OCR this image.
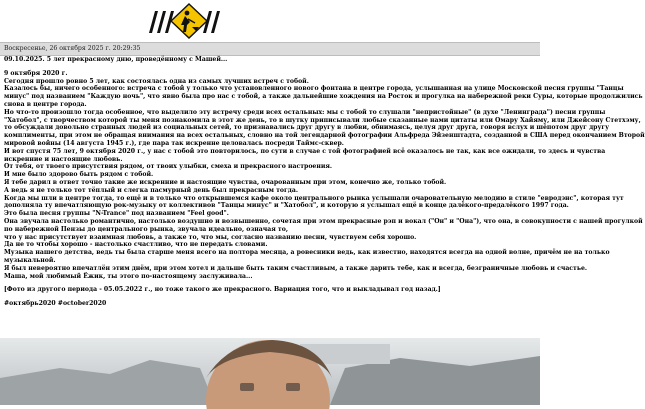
Воскресенье, 26 октября 2025 г. 20:29:35
09.10.2025. 5 лет прекрасному дню, проведённому с Машей...
9 октября 2020 г.
Сегодня прошло ровно 5 лет, как состоялась одна из самых лучших встреч с тобой.
Казалось бы, ничего особенного: встреча с тобой у только что установленного нового фонтана в центре города, услышанная на улице Московской песня группы "Танцы
минус" под названием "Каждую ночь", что явно была про нас с тобой, а также дальнейшие хождения на Росток и прогулка на набережной реки Суры, которые продолжились
снова в центре города.
Но что-то произошло тогда особенное, что выделило эту встречу среди всех остальных: мы с тобой то слушали "непристойные" (в духе "Ленинграда") песни группы
"Хатобол", с творчеством которой ты меня познакомила в этот же день, то в шутку приписывали любые сказанные нами цитаты или Омару Хайяму, или Джейсону Стетхэму,
то обсуждали довольно странных людей из социальных сетей, то признавались друг другу в любви, обнимаясь, целуя друг друга, говоря вслух и шёпотом друг другу
комплименты, при этом не обращая внимания на всех остальных, словно на той легендарной фотографии Альфреда Эйзенштадта, созданной в США перед окончанием Второй
мировой войны (14 августа 1945 г.), где пара так искренне целовалась посреди Таймс-сквер.
И вот спустя 75 лет, 9 октября 2020 г., у нас с тобой это повторилось, по сути в случае с той фотографией всё оказалось не так, как все ожидали, то здесь и чувства
искренние и настоящие любовь.
От тебя, от твоего присутствия рядом, от твоих улыбки, смеха и прекрасного настроения.
И мне было здорово быть рядом с тобой.
Я тебе дарил в ответ точно такие же искренние и настоящие чувства, очарованным при этом, конечно же, только тобой.
А ведь я не только тот тёплый и слегка пасмурный день был прекрасным тогда.
Когда мы шли в центре тогда, то ещё и в только что открывшемся кафе около центрального рынка услышали очаровательную мелодию в стиле "евродэнс", которая тут
дополняла ту впечатляющую рок-музыку от коллективов "Танцы минус" и "Хатобол", и которую я услышал ещё в конце далёкого-предалёкого 1997 года.
Это была песня группы "N-Trance" под названием "Feel good".
Она звучала настолько романтично, настолько воздушно и возвышенно, сочетая при этом прекрасные рэп и вокал ("Он" и "Она"), что она, в совокупности с нашей прогулкой
по набережной Пензы до центрального рынка, звучала идеально, означая то,
что у нас присутствует взаимная любовь, а также то, что мы, согласно названию песни, чувствуем себя хорошо.
Да не то чтобы хорошо - настолько счастливо, что не передать словами.
Музыка нашего детства, ведь ты была старше меня всего на полтора месяца, а ровесники ведь, как известно, находятся всегда на одной волне, причём не на только
музыкальной.
Я был невероятно впечатлён этим днём, при этом хотел и дальше быть таким счастливым, а также дарить тебе, как и всегда, безграничные любовь и счастье.
Маша, мой любимый Ёжик, ты этого по-настоящему заслуживала...
[Фото из другого периода - 05.05.2022 г., но тоже такого же прекрасного. Вариация того, что и выкладывал год назад.]
#октябрь2020 #october2020
